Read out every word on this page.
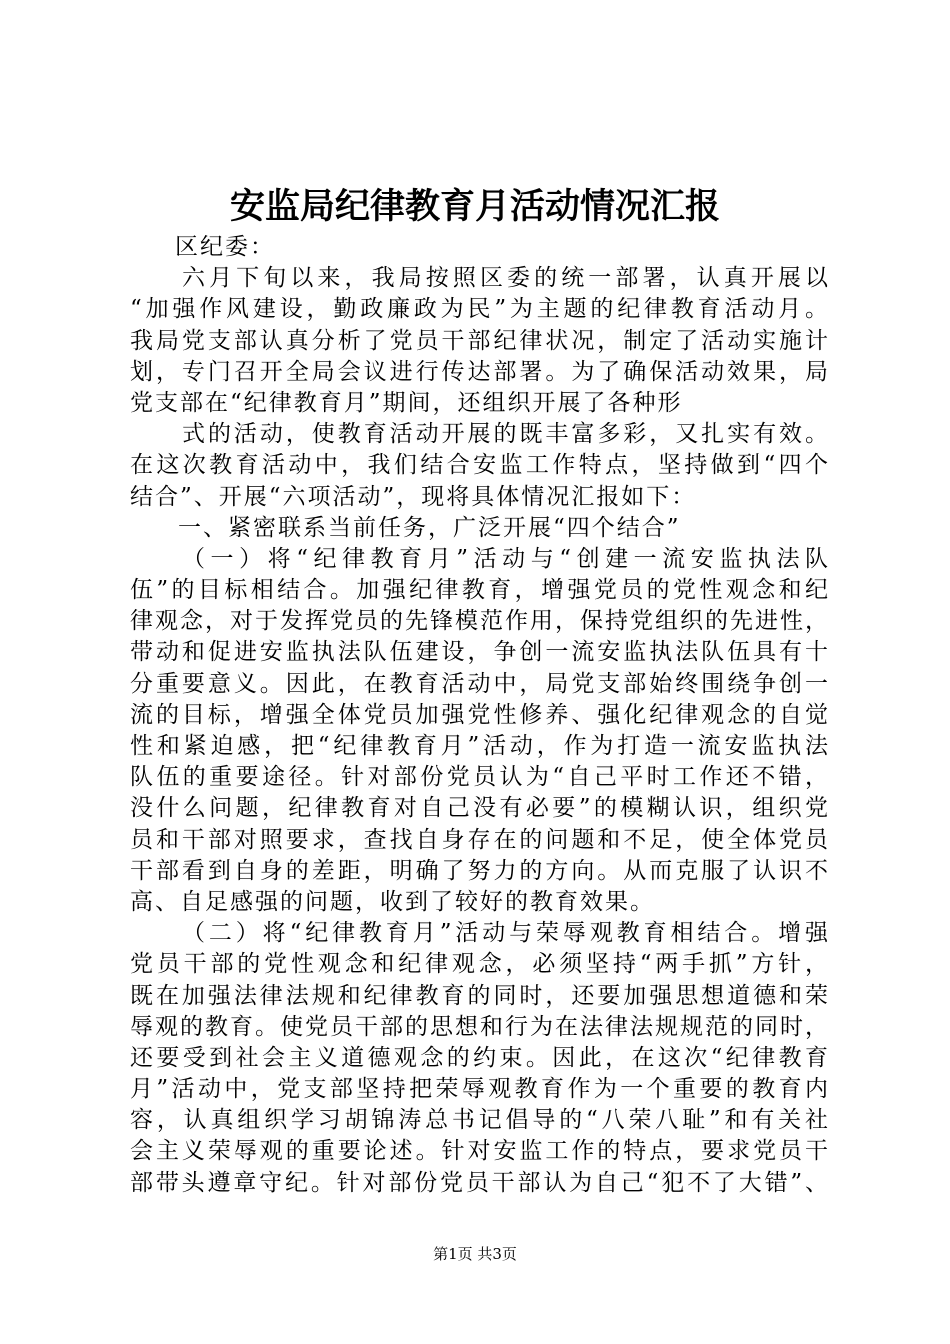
安监局纪律教育月活动情况汇报
区纪委：
六月下旬以来，我局按照区委的统一部署，认真开展以
“加强作风建设，勤政廉政为民”为主题的纪律教育活动月。
我局党支部认真分析了党员干部纪律状况，制定了活动实施计
划，专门召开全局会议进行传达部署。为了确保活动效果，局
党支部在“纪律教育月”期间，还组织开展了各种形
式的活动，使教育活动开展的既丰富多彩，又扎实有效。
在这次教育活动中，我们结合安监工作特点，坚持做到“四个
结合”、开展“六项活动”，现将具体情况汇报如下：
一、紧密联系当前任务，广泛开展“四个结合”
（一）将“纪律教育月”活动与“创建一流安监执法队
伍”的目标相结合。加强纪律教育，增强党员的党性观念和纪
律观念，对于发挥党员的先锋模范作用，保持党组织的先进性，
带动和促进安监执法队伍建设，争创一流安监执法队伍具有十
分重要意义。因此，在教育活动中，局党支部始终围绕争创一
流的目标，增强全体党员加强党性修养、强化纪律观念的自觉
性和紧迫感，把“纪律教育月”活动，作为打造一流安监执法
队伍的重要途径。针对部份党员认为“自己平时工作还不错，
没什么问题，纪律教育对自己没有必要”的模糊认识，组织党
员和干部对照要求，查找自身存在的问题和不足，使全体党员
干部看到自身的差距，明确了努力的方向。从而克服了认识不
高、自足感强的问题，收到了较好的教育效果。
（二）将“纪律教育月”活动与荣辱观教育相结合。增强
党员干部的党性观念和纪律观念，必须坚持“两手抓”方针，
既在加强法律法规和纪律教育的同时，还要加强思想道德和荣
辱观的教育。使党员干部的思想和行为在法律法规规范的同时，
还要受到社会主义道德观念的约束。因此，在这次“纪律教育
月”活动中，党支部坚持把荣辱观教育作为一个重要的教育内
容，认真组织学习胡锦涛总书记倡导的“八荣八耻”和有关社
会主义荣辱观的重要论述。针对安监工作的特点，要求党员干
部带头遵章守纪。针对部份党员干部认为自己“犯不了大错”、
第1页 共3页
